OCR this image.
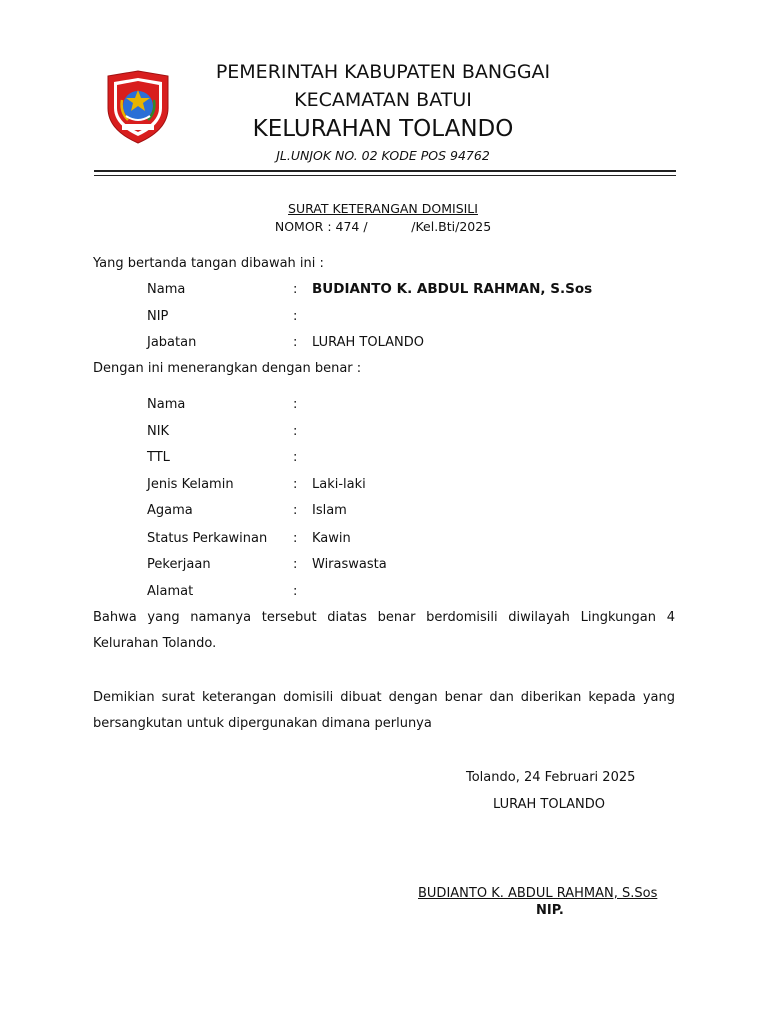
PEMERINTAH KABUPATEN BANGGAI
KECAMATAN BATUI
KELURAHAN TOLANDO
JL.UNJOK NO. 02 KODE POS 94762
SURAT KETERANGAN DOMISILI
NOMOR : 474 /           /Kel.Bti/2025
Yang bertanda tangan dibawah ini :
Nama	: BUDIANTO K. ABDUL RAHMAN, S.Sos
NIP	:
Jabatan	: LURAH TOLANDO
Dengan ini menerangkan dengan benar :
Nama	:
NIK	:
TTL	:
Jenis Kelamin	: Laki-laki
Agama	: Islam
Status Perkawinan : Kawin
Pekerjaan	: Wiraswasta
Alamat	:
Bahwa yang namanya tersebut diatas benar berdomisili diwilayah Lingkungan 4 Kelurahan Tolando.
Demikian surat keterangan domisili dibuat dengan benar dan diberikan kepada yang bersangkutan untuk dipergunakan dimana perlunya
Tolando, 24 Februari 2025
LURAH TOLANDO
BUDIANTO K. ABDUL RAHMAN, S.Sos
NIP.
